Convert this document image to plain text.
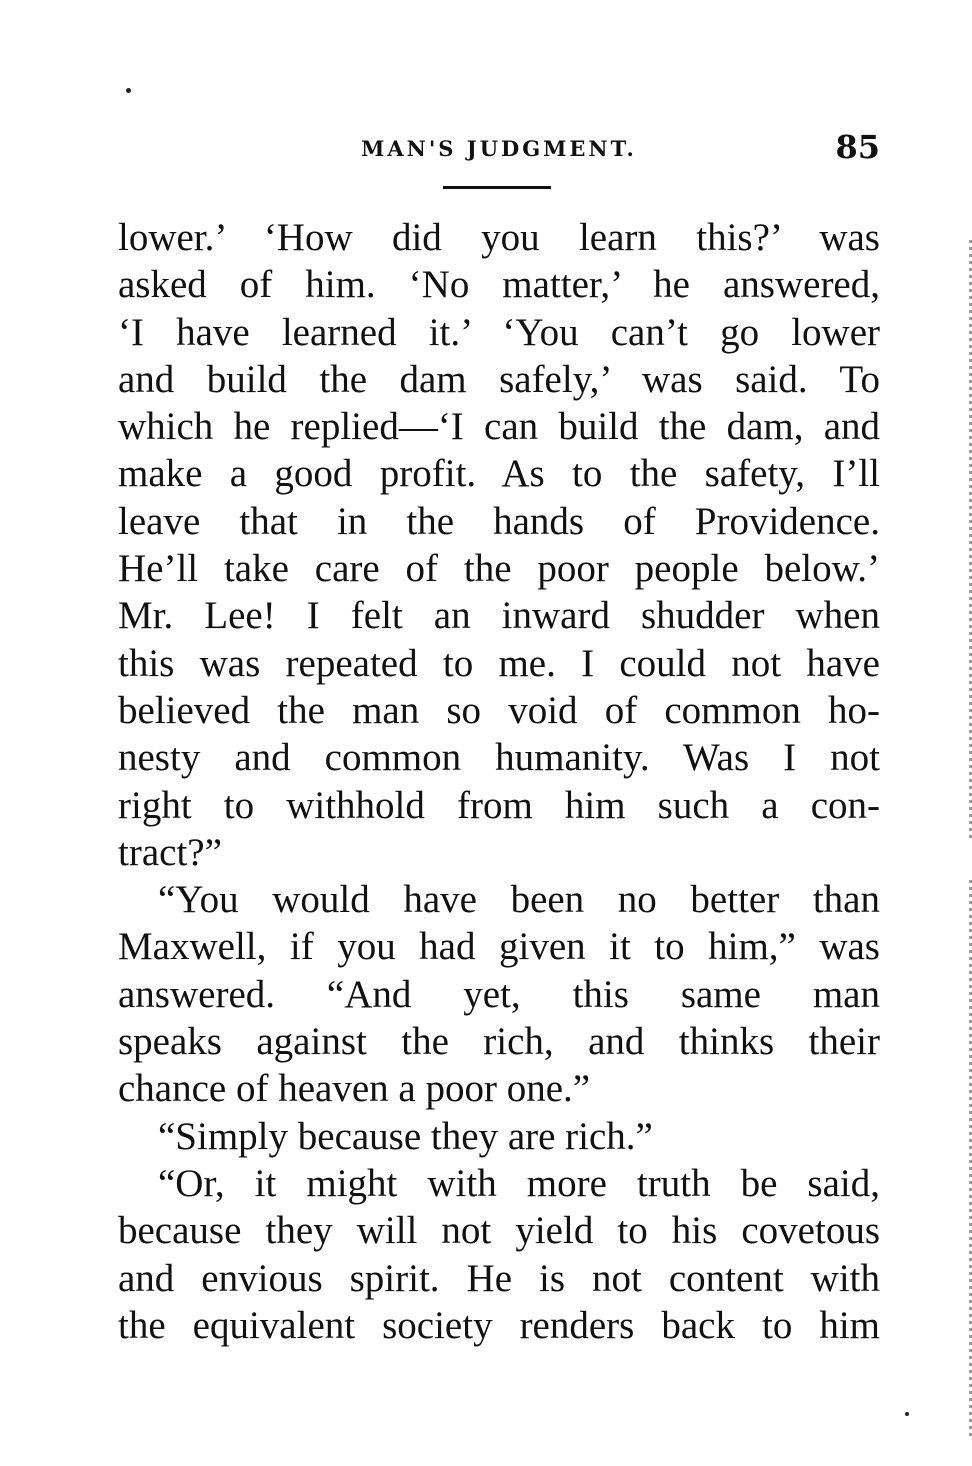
MAN'S JUDGMENT.	85
lower.’ ‘How did you learn this?’ was
asked of him. ‘No matter,’ he answered,
‘I have learned it.’ ‘You can’t go lower
and build the dam safely,’ was said. To
which he replied—‘I can build the dam, and
make a good profit. As to the safety, I’ll
leave that in the hands of Providence.
He’ll take care of the poor people below.’
Mr. Lee! I felt an inward shudder when
this was repeated to me. I could not have
believed the man so void of common ho-
nesty and common humanity. Was I not
right to withhold from him such a con-
tract?”
“You would have been no better than
Maxwell, if you had given it to him,” was
answered. “And yet, this same man
speaks against the rich, and thinks their
chance of heaven a poor one.”
“Simply because they are rich.”
“Or, it might with more truth be said,
because they will not yield to his covetous
and envious spirit. He is not content with
the equivalent society renders back to him
